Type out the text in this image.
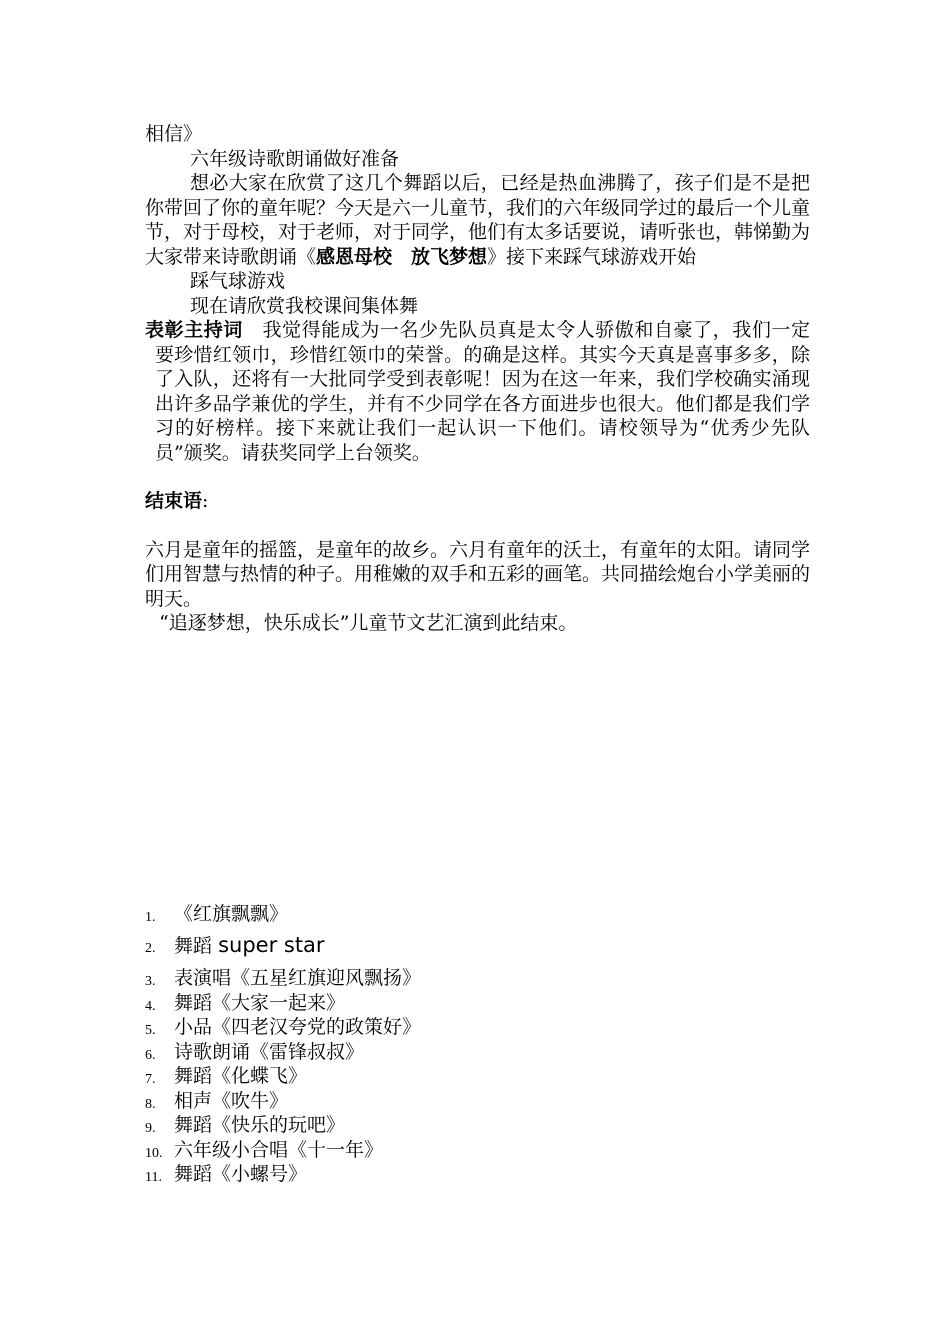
相信》

六年级诗歌朗诵做好准备

想必大家在欣赏了这几个舞蹈以后，已经是热血沸腾了，孩子们是不是把你带回了你的童年呢？今天是六一儿童节，我们的六年级同学过的最后一个儿童节，对于母校，对于老师，对于同学，他们有太多话要说，请听张也，韩悌勤为大家带来诗歌朗诵《感恩母校　放飞梦想》接下来踩气球游戏开始

踩气球游戏

现在请欣赏我校课间集体舞

表彰主持词　我觉得能成为一名少先队员真是太令人骄傲和自豪了，我们一定要珍惜红领巾，珍惜红领巾的荣誉。的确是这样。其实今天真是喜事多多，除了入队，还将有一大批同学受到表彰呢！因为在这一年来，我们学校确实涌现出许多品学兼优的学生，并有不少同学在各方面进步也很大。他们都是我们学习的好榜样。接下来就让我们一起认识一下他们。请校领导为“优秀少先队员”颁奖。请获奖同学上台领奖。

结束语:

六月是童年的摇篮，是童年的故乡。六月有童年的沃土，有童年的太阳。请同学们用智慧与热情的种子。用稚嫩的双手和五彩的画笔。共同描绘炮台小学美丽的明天。

“追逐梦想，快乐成长”儿童节文艺汇演到此结束。

1. 《红旗飘飘》
2. 舞蹈 super star
3. 表演唱《五星红旗迎风飘扬》
4. 舞蹈《大家一起来》
5. 小品《四老汉夸党的政策好》
6. 诗歌朗诵《雷锋叔叔》
7. 舞蹈《化蝶飞》
8. 相声《吹牛》
9. 舞蹈《快乐的玩吧》
10. 六年级小合唱《十一年》
11. 舞蹈《小螺号》
